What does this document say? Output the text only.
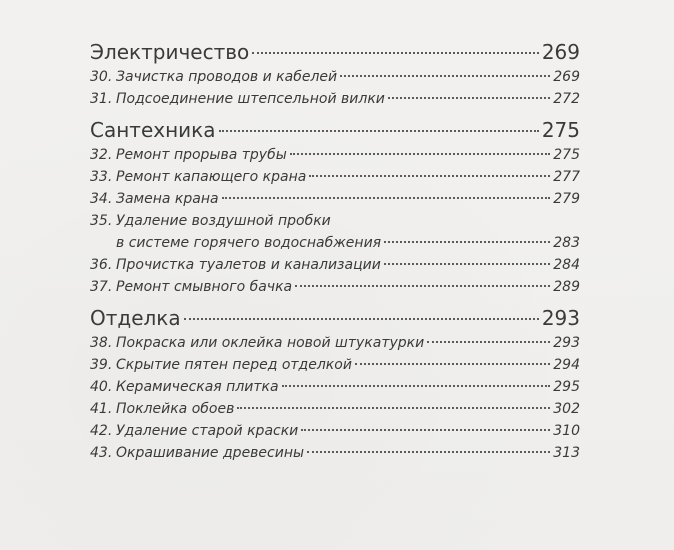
Электричество	269
30. Зачистка проводов и кабелей	269
31. Подсоединение штепсельной вилки	272
Сантехника	275
32. Ремонт прорыва трубы	275
33. Ремонт капающего крана	277
34. Замена крана	279
35. Удаление воздушной пробки
в системе горячего водоснабжения	283
36. Прочистка туалетов и канализации	284
37. Ремонт смывного бачка	289
Отделка	293
38. Покраска или оклейка новой штукатурки	293
39. Скрытие пятен перед отделкой	294
40. Керамическая плитка	295
41. Поклейка обоев	302
42. Удаление старой краски	310
43. Окрашивание древесины	313
